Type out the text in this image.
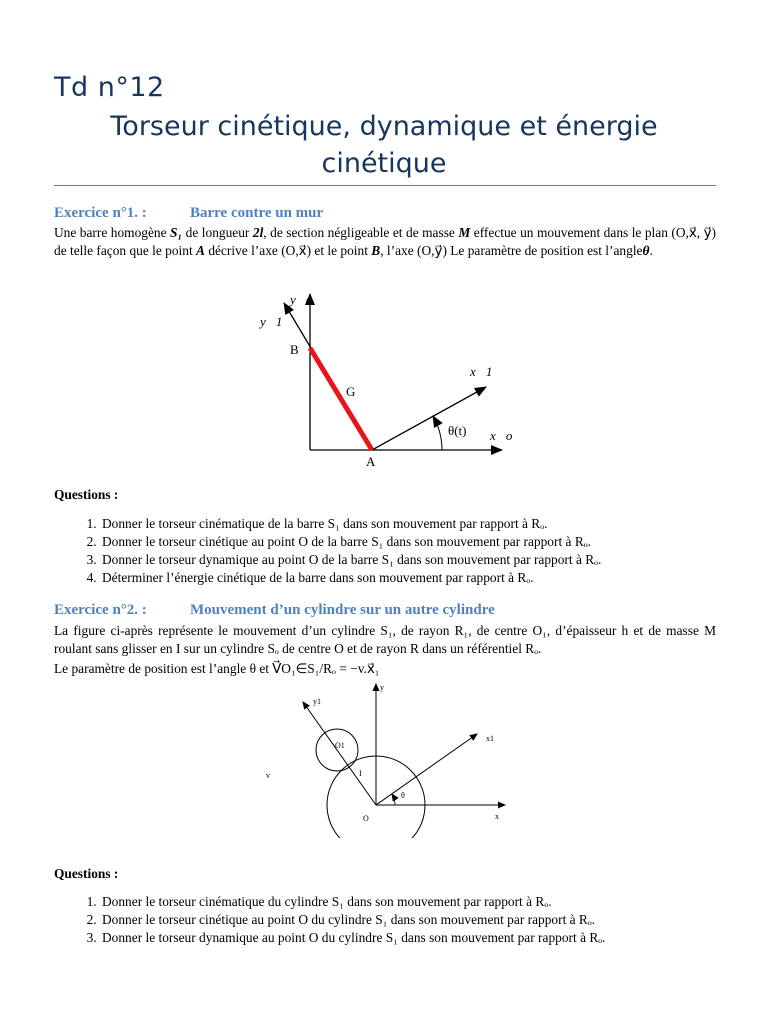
Td n°12
Torseur cinétique, dynamique et énergie cinétique
Exercice n°1. :	Barre contre un mur
Une barre homogène S₁ de longueur 2l, de section négligeable et de masse M effectue un mouvement dans le plan (O,x⃗, y⃗) de telle façon que le point A décrive l’axe (O,x⃗) et le point B, l’axe (O,y⃗) Le paramètre de position est l’angleθ.
y⃗o
y⃗1
B
G
x⃗1
θ(t) x⃗o
A
Questions :
1. Donner le torseur cinématique de la barre S₁ dans son mouvement par rapport à Rₒ.
2. Donner le torseur cinétique au point O de la barre S₁ dans son mouvement par rapport à Rₒ.
3. Donner le torseur dynamique au point O de la barre S₁ dans son mouvement par rapport à Rₒ.
4. Déterminer l’énergie cinétique de la barre dans son mouvement par rapport à Rₒ.
Exercice n°2. :	Mouvement d’un cylindre sur un autre cylindre
La figure ci-après représente le mouvement d’un cylindre S₁, de rayon R₁, de centre O₁, d’épaisseur h et de masse M roulant sans glisser en I sur un cylindre Sₒ de centre O et de rayon R dans un référentiel Rₒ.
Le paramètre de position est l’angle θ et V⃗O₁∈S₁/Rₒ = −v.x⃗₁
y
y1
x1
O1
I
v
θ
O	x
Questions :
1. Donner le torseur cinématique du cylindre S₁ dans son mouvement par rapport à Rₒ.
2. Donner le torseur cinétique au point O du cylindre S₁ dans son mouvement par rapport à Rₒ.
3. Donner le torseur dynamique au point O du cylindre S₁ dans son mouvement par rapport à Rₒ.
